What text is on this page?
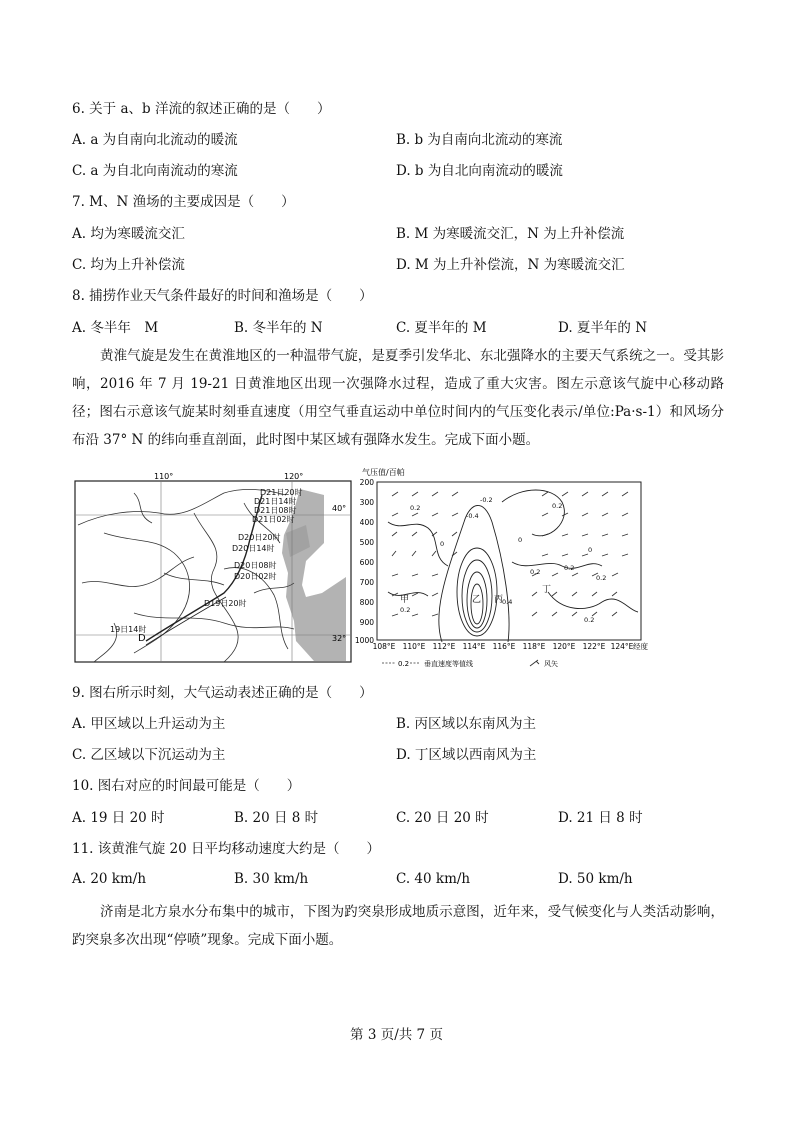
6. 关于 a、b 洋流的叙述正确的是（　　）
A. a 为自南向北流动的暖流	B. b 为自南向北流动的寒流
C. a 为自北向南流动的寒流	D. b 为自北向南流动的暖流
7. M、N 渔场的主要成因是（　　）
A. 均为寒暖流交汇	B. M 为寒暖流交汇，N 为上升补偿流
C. 均为上升补偿流	D. M 为上升补偿流，N 为寒暖流交汇
8. 捕捞作业天气条件最好的时间和渔场是（　　）
A. 冬半年　M	B. 冬半年的 N	C. 夏半年的 M	D. 夏半年的 N
黄淮气旋是发生在黄淮地区的一种温带气旋，是夏季引发华北、东北强降水的主要天气系统之一。受其影响，2016 年 7 月 19-21 日黄淮地区出现一次强降水过程，造成了重大灾害。图左示意该气旋中心移动路径；图右示意该气旋某时刻垂直速度（用空气垂直运动中单位时间内的气压变化表示/单位:Pa·s-1）和风场分布沿 37° N 的纬向垂直剖面，此时图中某区域有强降水发生。完成下面小题。
110°	120°
40°
32°
D21日20时
D21日14时
D21日08时
D21日02时
D20日20时
D20日14时
D20日08时
D20日02时
D19日20时
19日14时
D
气压值/百帕
200
300
400
500
600
700
800
900
1000
108°E 110°E 112°E 114°E 116°E 118°E 120°E 122°E 124°E 经度
-0.2
-0.4
0.2	0.2
0	0
0
0.2	0.2
0.2
0.2
0.4
0.2
甲	乙 丙
丁
0.2 垂直速度等值线	风矢
9. 图右所示时刻，大气运动表述正确的是（　　）
A. 甲区域以上升运动为主	B. 丙区域以东南风为主
C. 乙区域以下沉运动为主	D. 丁区域以西南风为主
10. 图右对应的时间最可能是（　　）
A. 19 日 20 时	B. 20 日 8 时	C. 20 日 20 时	D. 21 日 8 时
11. 该黄淮气旋 20 日平均移动速度大约是（　　）
A. 20 km/h	B. 30 km/h	C. 40 km/h	D. 50 km/h
济南是北方泉水分布集中的城市，下图为趵突泉形成地质示意图，近年来，受气候变化与人类活动影响，趵突泉多次出现“停喷”现象。完成下面小题。
第 3 页/共 7 页
